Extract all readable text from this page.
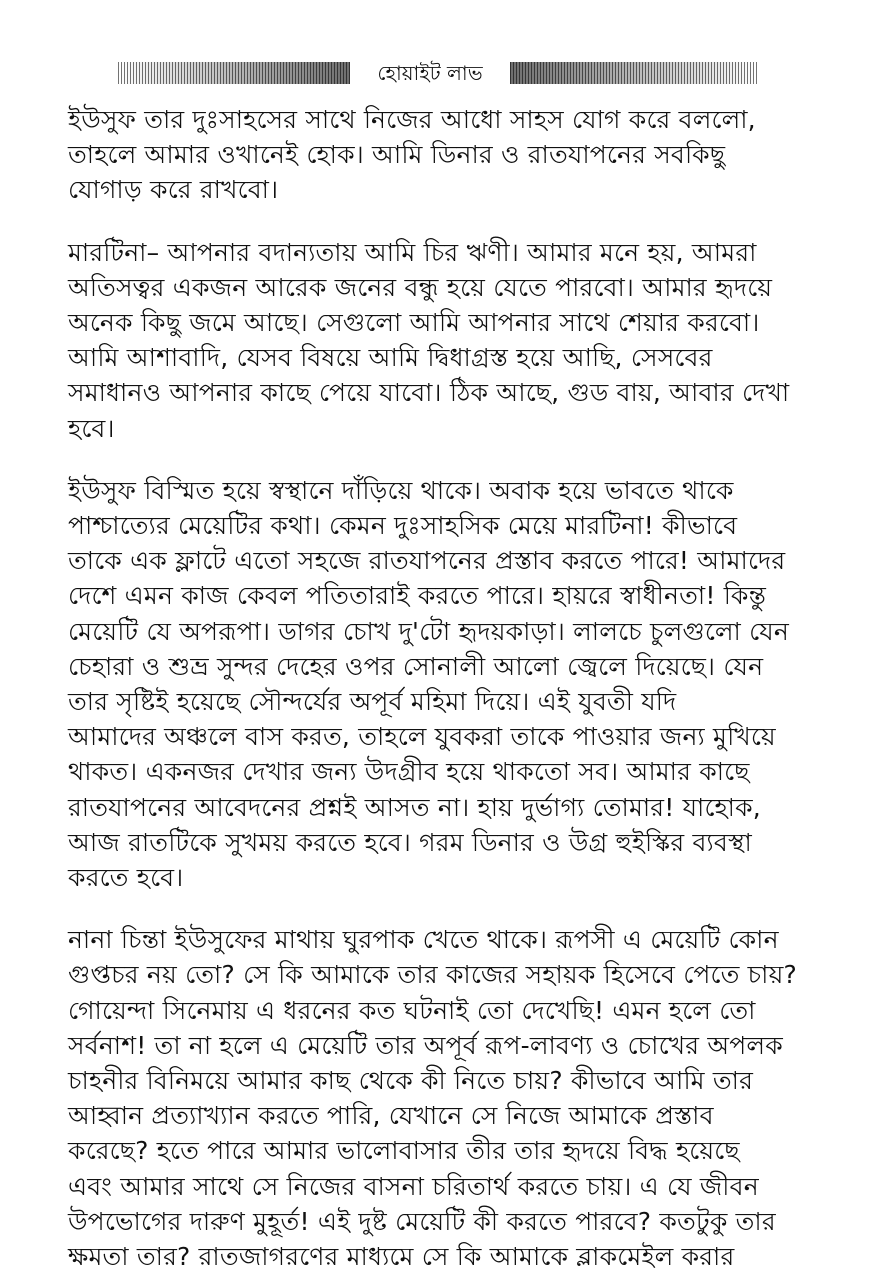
হোয়াইট লাভ

ইউসুফ তার দুঃসাহসের সাথে নিজের আধো সাহস যোগ করে বললো,
তাহলে আমার ওখানেই হোক। আমি ডিনার ও রাতযাপনের সবকিছু
যোগাড় করে রাখবো।

মারটিনা– আপনার বদান্যতায় আমি চির ঋণী। আমার মনে হয়, আমরা
অতিসত্বর একজন আরেক জনের বন্ধু হয়ে যেতে পারবো। আমার হৃদয়ে
অনেক কিছু জমে আছে। সেগুলো আমি আপনার সাথে শেয়ার করবো।
আমি আশাবাদি, যেসব বিষয়ে আমি দ্বিধাগ্রস্ত হয়ে আছি, সেসবের
সমাধানও আপনার কাছে পেয়ে যাবো। ঠিক আছে, গুড বায়, আবার দেখা
হবে।

ইউসুফ বিস্মিত হয়ে স্বস্থানে দাঁড়িয়ে থাকে। অবাক হয়ে ভাবতে থাকে
পাশ্চাত্যের মেয়েটির কথা। কেমন দুঃসাহসিক মেয়ে মারটিনা! কীভাবে
তাকে এক ফ্লাটে এতো সহজে রাতযাপনের প্রস্তাব করতে পারে! আমাদের
দেশে এমন কাজ কেবল পতিতারাই করতে পারে। হায়রে স্বাধীনতা! কিন্তু
মেয়েটি যে অপরূপা। ডাগর চোখ দু'টো হৃদয়কাড়া। লালচে চুলগুলো যেন
চেহারা ও শুভ্র সুন্দর দেহের ওপর সোনালী আলো জ্বেলে দিয়েছে। যেন
তার সৃষ্টিই হয়েছে সৌন্দর্যের অপূর্ব মহিমা দিয়ে। এই যুবতী যদি
আমাদের অঞ্চলে বাস করত, তাহলে যুবকরা তাকে পাওয়ার জন্য মুখিয়ে
থাকত। একনজর দেখার জন্য উদগ্রীব হয়ে থাকতো সব। আমার কাছে
রাতযাপনের আবেদনের প্রশ্নই আসত না। হায় দুর্ভাগ্য তোমার! যাহোক,
আজ রাতটিকে সুখময় করতে হবে। গরম ডিনার ও উগ্র হুইস্কির ব্যবস্থা
করতে হবে।

নানা চিন্তা ইউসুফের মাথায় ঘুরপাক খেতে থাকে। রূপসী এ মেয়েটি কোন
গুপ্তচর নয় তো? সে কি আমাকে তার কাজের সহায়ক হিসেবে পেতে চায়?
গোয়েন্দা সিনেমায় এ ধরনের কত ঘটনাই তো দেখেছি! এমন হলে তো
সর্বনাশ! তা না হলে এ মেয়েটি তার অপূর্ব রূপ-লাবণ্য ও চোখের অপলক
চাহনীর বিনিময়ে আমার কাছ থেকে কী নিতে চায়? কীভাবে আমি তার
আহ্বান প্রত্যাখ্যান করতে পারি, যেখানে সে নিজে আমাকে প্রস্তাব
করেছে? হতে পারে আমার ভালোবাসার তীর তার হৃদয়ে বিদ্ধ হয়েছে
এবং আমার সাথে সে নিজের বাসনা চরিতার্থ করতে চায়। এ যে জীবন
উপভোগের দারুণ মুহূর্ত! এই দুষ্ট মেয়েটি কী করতে পারবে? কতটুকু তার
ক্ষমতা তার? রাতজাগরণের মাধ্যমে সে কি আমাকে ব্লাকমেইল করার
